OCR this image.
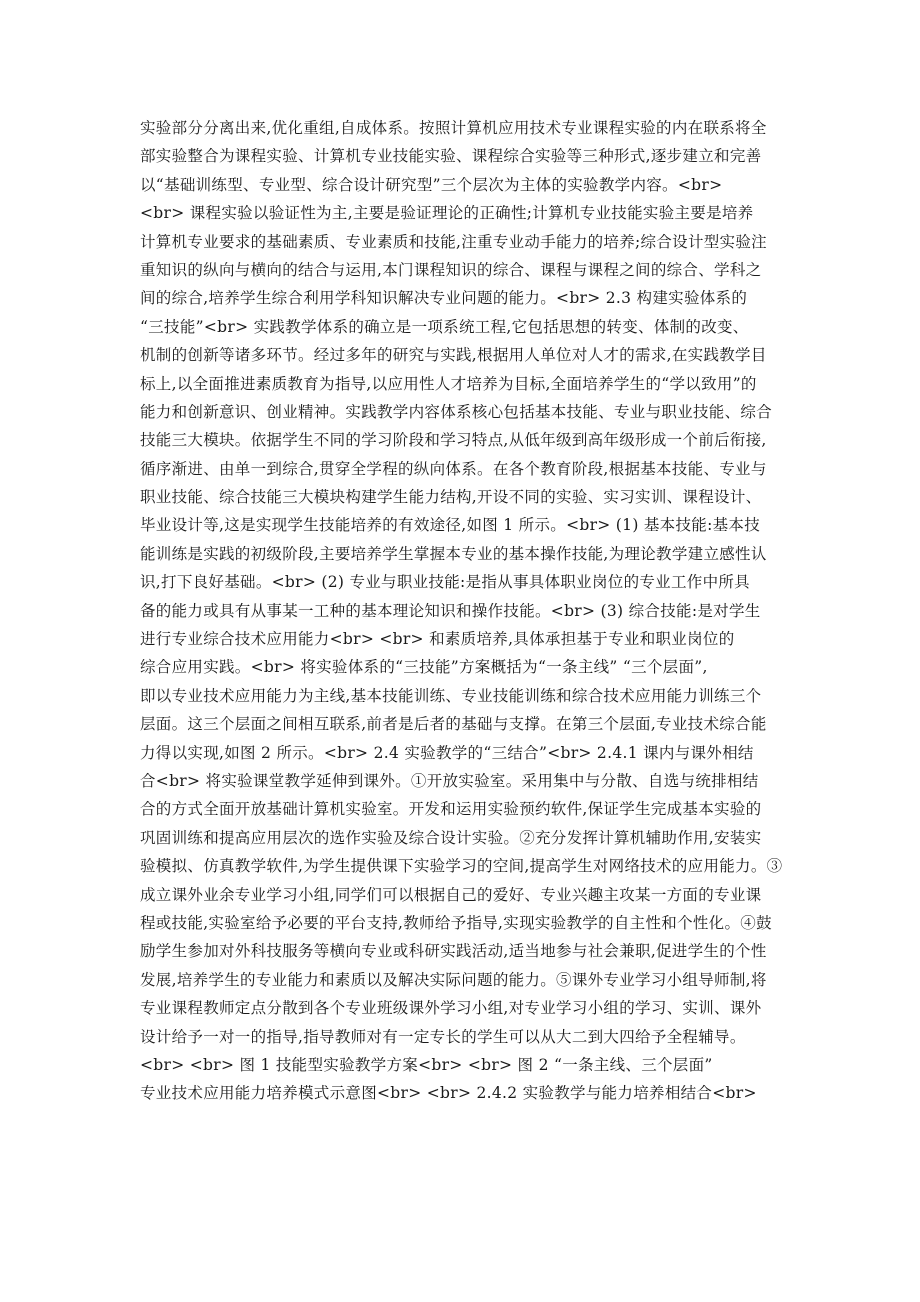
实验部分分离出来,优化重组,自成体系。按照计算机应用技术专业课程实验的内在联系将全
部实验整合为课程实验、计算机专业技能实验、课程综合实验等三种形式,逐步建立和完善
以“基础训练型、专业型、综合设计研究型”三个层次为主体的实验教学内容。<br>
<br> 课程实验以验证性为主,主要是验证理论的正确性;计算机专业技能实验主要是培养
计算机专业要求的基础素质、专业素质和技能,注重专业动手能力的培养;综合设计型实验注
重知识的纵向与横向的结合与运用,本门课程知识的综合、课程与课程之间的综合、学科之
间的综合,培养学生综合利用学科知识解决专业问题的能力。<br> 2.3 构建实验体系的
“三技能”<br> 实践教学体系的确立是一项系统工程,它包括思想的转变、体制的改变、
机制的创新等诸多环节。经过多年的研究与实践,根据用人单位对人才的需求,在实践教学目
标上,以全面推进素质教育为指导,以应用性人才培养为目标,全面培养学生的“学以致用”的
能力和创新意识、创业精神。实践教学内容体系核心包括基本技能、专业与职业技能、综合
技能三大模块。依据学生不同的学习阶段和学习特点,从低年级到高年级形成一个前后衔接,
循序渐进、由单一到综合,贯穿全学程的纵向体系。在各个教育阶段,根据基本技能、专业与
职业技能、综合技能三大模块构建学生能力结构,开设不同的实验、实习实训、课程设计、
毕业设计等,这是实现学生技能培养的有效途径,如图 1 所示。<br> (1) 基本技能:基本技
能训练是实践的初级阶段,主要培养学生掌握本专业的基本操作技能,为理论教学建立感性认
识,打下良好基础。<br> (2) 专业与职业技能:是指从事具体职业岗位的专业工作中所具
备的能力或具有从事某一工种的基本理论知识和操作技能。<br> (3) 综合技能:是对学生
进行专业综合技术应用能力<br> <br> 和素质培养,具体承担基于专业和职业岗位的
综合应用实践。<br> 将实验体系的“三技能”方案概括为“一条主线” “三个层面”,
即以专业技术应用能力为主线,基本技能训练、专业技能训练和综合技术应用能力训练三个
层面。这三个层面之间相互联系,前者是后者的基础与支撑。在第三个层面,专业技术综合能
力得以实现,如图 2 所示。<br> 2.4 实验教学的“三结合”<br> 2.4.1 课内与课外相结
合<br> 将实验课堂教学延伸到课外。①开放实验室。采用集中与分散、自选与统排相结
合的方式全面开放基础计算机实验室。开发和运用实验预约软件,保证学生完成基本实验的
巩固训练和提高应用层次的选作实验及综合设计实验。②充分发挥计算机辅助作用,安装实
验模拟、仿真教学软件,为学生提供课下实验学习的空间,提高学生对网络技术的应用能力。③
成立课外业余专业学习小组,同学们可以根据自己的爱好、专业兴趣主攻某一方面的专业课
程或技能,实验室给予必要的平台支持,教师给予指导,实现实验教学的自主性和个性化。④鼓
励学生参加对外科技服务等横向专业或科研实践活动,适当地参与社会兼职,促进学生的个性
发展,培养学生的专业能力和素质以及解决实际问题的能力。⑤课外专业学习小组导师制,将
专业课程教师定点分散到各个专业班级课外学习小组,对专业学习小组的学习、实训、课外
设计给予一对一的指导,指导教师对有一定专长的学生可以从大二到大四给予全程辅导。
<br> <br> 图 1 技能型实验教学方案<br> <br> 图 2 “一条主线、三个层面”
专业技术应用能力培养模式示意图<br> <br> 2.4.2 实验教学与能力培养相结合<br>
